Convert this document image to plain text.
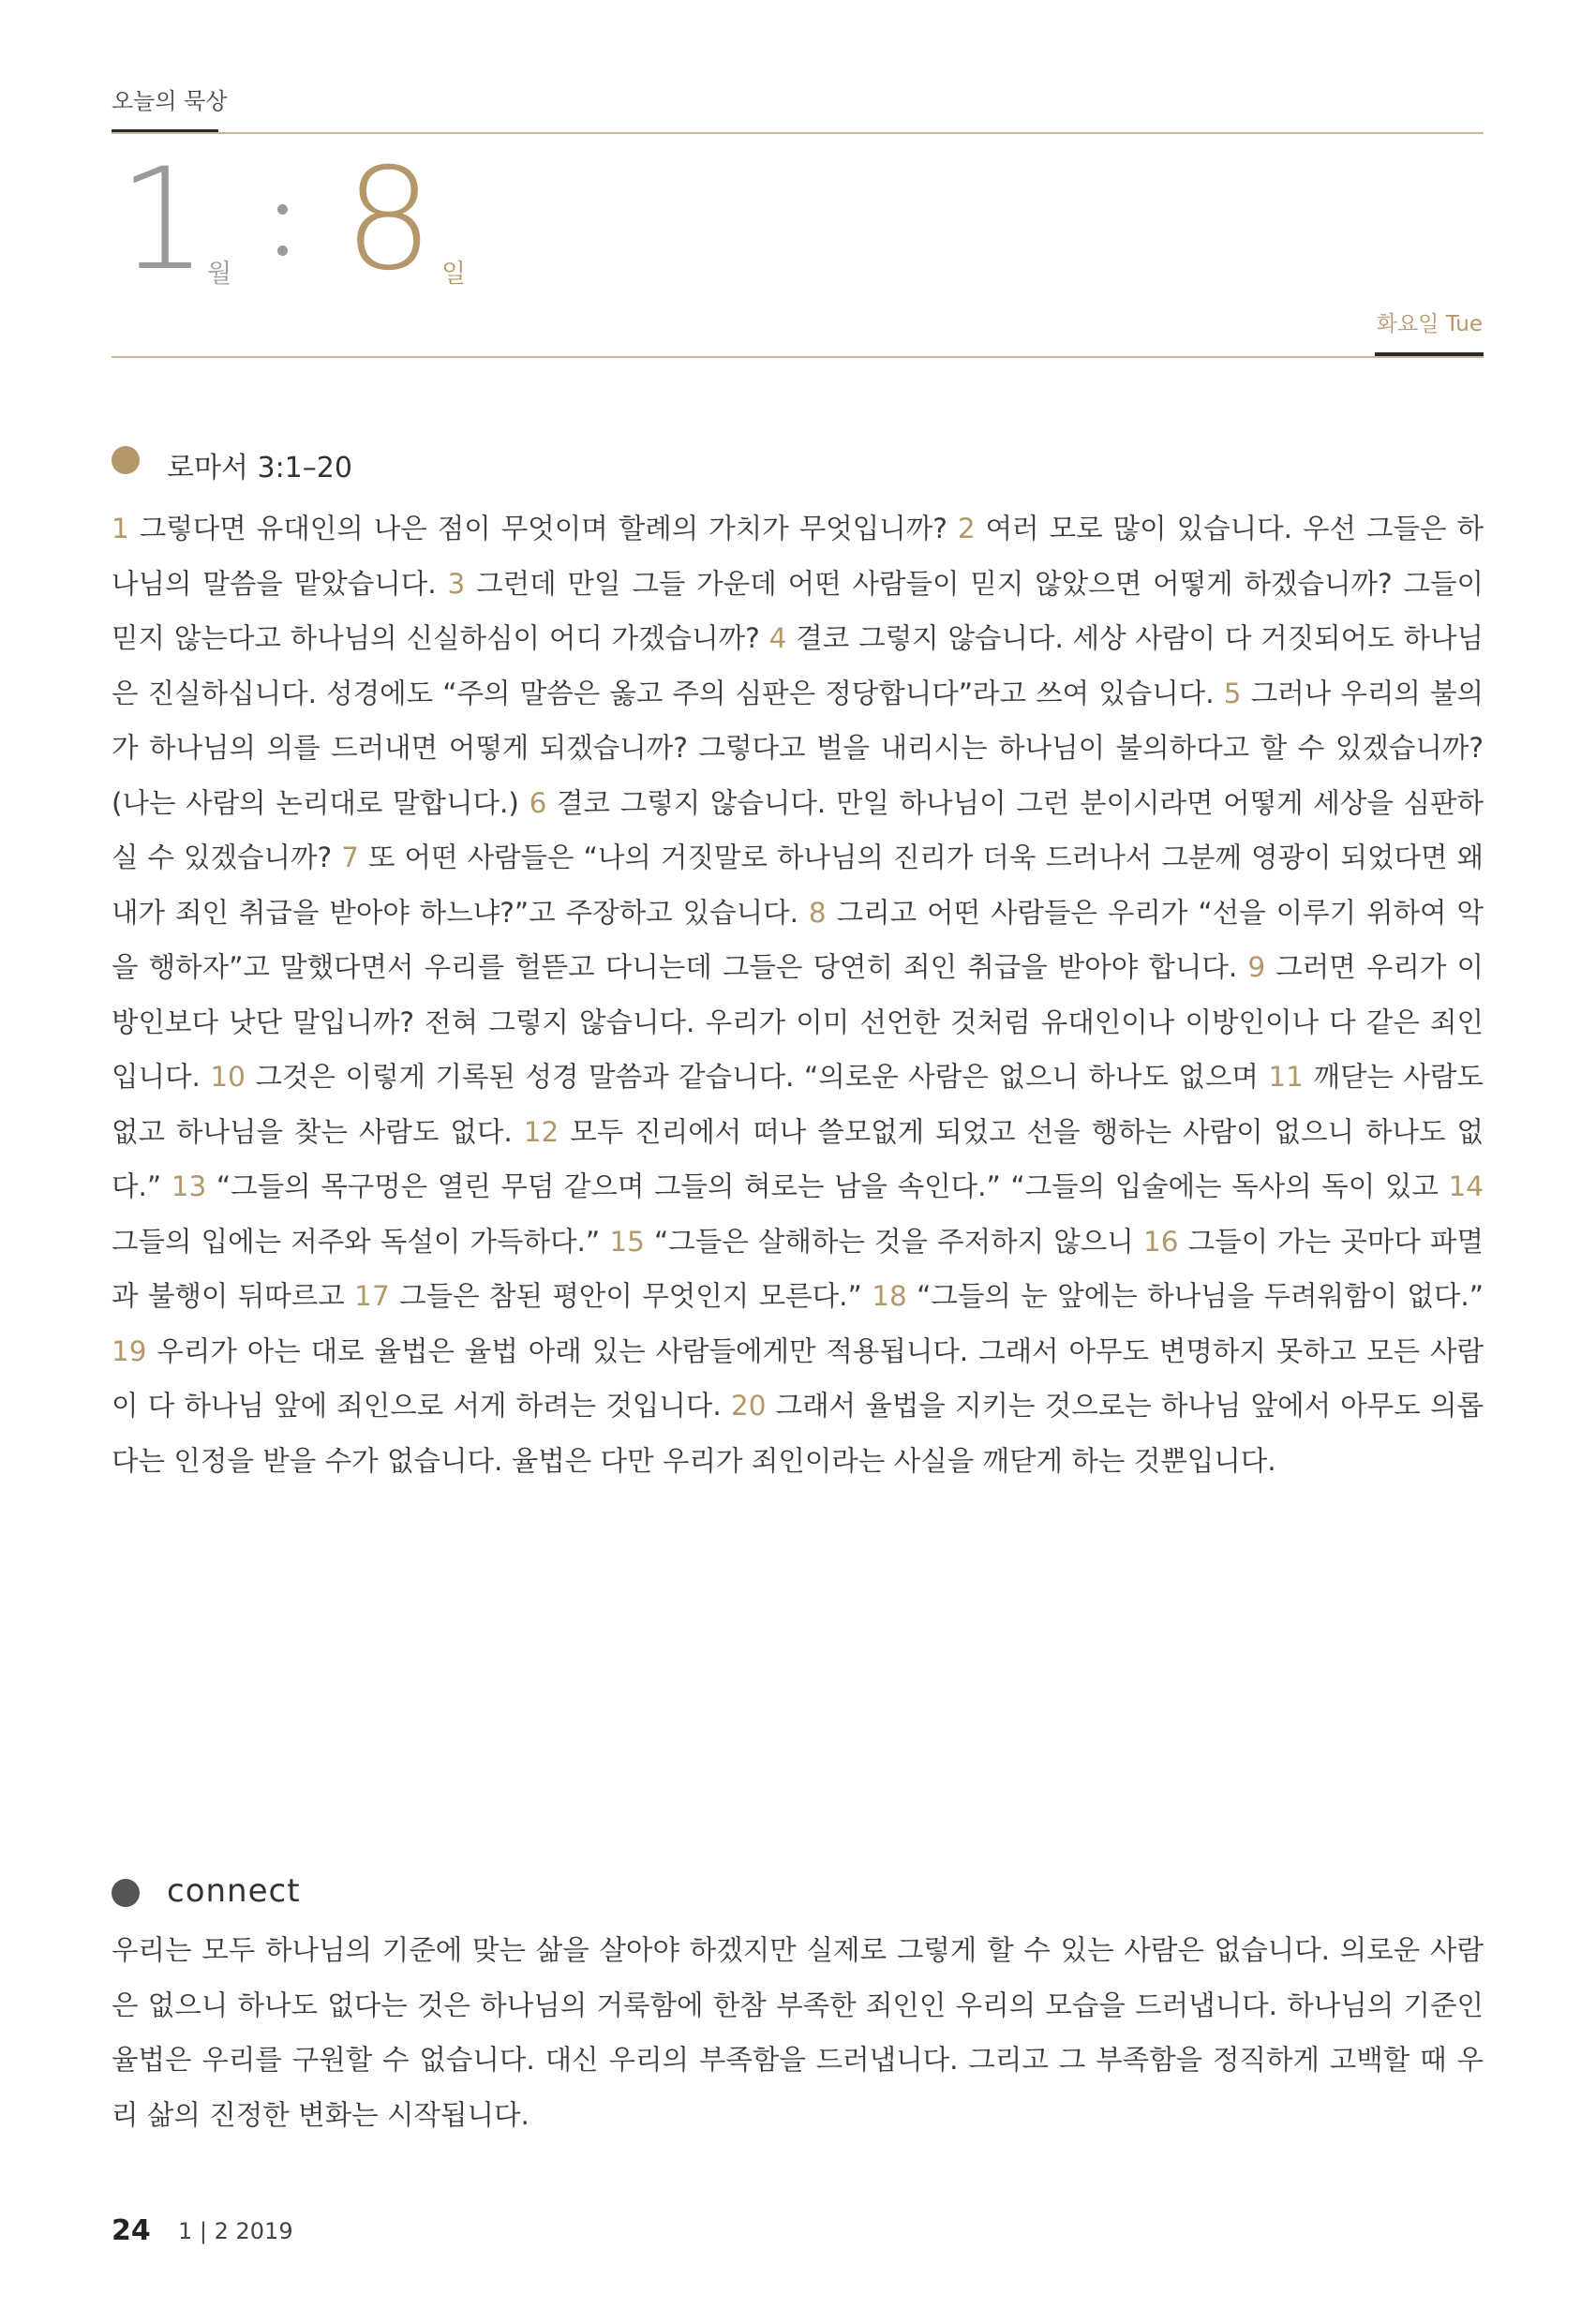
오늘의 묵상
1 월 8 일
화요일 Tue
로마서 3:1–20
1 그렇다면 유대인의 나은 점이 무엇이며 할례의 가치가 무엇입니까? 2 여러 모로 많이 있습니다. 우선 그들은 하나님의 말씀을 맡았습니다. 3 그런데 만일 그들 가운데 어떤 사람들이 믿지 않았으면 어떻게 하겠습니까? 그들이 믿지 않는다고 하나님의 신실하심이 어디 가겠습니까? 4 결코 그렇지 않습니다. 세상 사람이 다 거짓되어도 하나님은 진실하십니다. 성경에도 “주의 말씀은 옳고 주의 심판은 정당합니다”라고 쓰여 있습니다. 5 그러나 우리의 불의가 하나님의 의를 드러내면 어떻게 되겠습니까? 그렇다고 벌을 내리시는 하나님이 불의하다고 할 수 있겠습니까? (나는 사람의 논리대로 말합니다.) 6 결코 그렇지 않습니다. 만일 하나님이 그런 분이시라면 어떻게 세상을 심판하실 수 있겠습니까? 7 또 어떤 사람들은 “나의 거짓말로 하나님의 진리가 더욱 드러나서 그분께 영광이 되었다면 왜 내가 죄인 취급을 받아야 하느냐?”고 주장하고 있습니다. 8 그리고 어떤 사람들은 우리가 “선을 이루기 위하여 악을 행하자”고 말했다면서 우리를 헐뜯고 다니는데 그들은 당연히 죄인 취급을 받아야 합니다. 9 그러면 우리가 이방인보다 낫단 말입니까? 전혀 그렇지 않습니다. 우리가 이미 선언한 것처럼 유대인이나 이방인이나 다 같은 죄인입니다. 10 그것은 이렇게 기록된 성경 말씀과 같습니다. “의로운 사람은 없으니 하나도 없으며 11 깨닫는 사람도 없고 하나님을 찾는 사람도 없다. 12 모두 진리에서 떠나 쓸모없게 되었고 선을 행하는 사람이 없으니 하나도 없다.” 13 “그들의 목구멍은 열린 무덤 같으며 그들의 혀로는 남을 속인다.” “그들의 입술에는 독사의 독이 있고 14 그들의 입에는 저주와 독설이 가득하다.” 15 “그들은 살해하는 것을 주저하지 않으니 16 그들이 가는 곳마다 파멸과 불행이 뒤따르고 17 그들은 참된 평안이 무엇인지 모른다.” 18 “그들의 눈 앞에는 하나님을 두려워함이 없다.” 19 우리가 아는 대로 율법은 율법 아래 있는 사람들에게만 적용됩니다. 그래서 아무도 변명하지 못하고 모든 사람이 다 하나님 앞에 죄인으로 서게 하려는 것입니다. 20 그래서 율법을 지키는 것으로는 하나님 앞에서 아무도 의롭다는 인정을 받을 수가 없습니다. 율법은 다만 우리가 죄인이라는 사실을 깨닫게 하는 것뿐입니다.
connect
우리는 모두 하나님의 기준에 맞는 삶을 살아야 하겠지만 실제로 그렇게 할 수 있는 사람은 없습니다. 의로운 사람은 없으니 하나도 없다는 것은 하나님의 거룩함에 한참 부족한 죄인인 우리의 모습을 드러냅니다. 하나님의 기준인 율법은 우리를 구원할 수 없습니다. 대신 우리의 부족함을 드러냅니다. 그리고 그 부족함을 정직하게 고백할 때 우리 삶의 진정한 변화는 시작됩니다.
24 1 | 2 2019
